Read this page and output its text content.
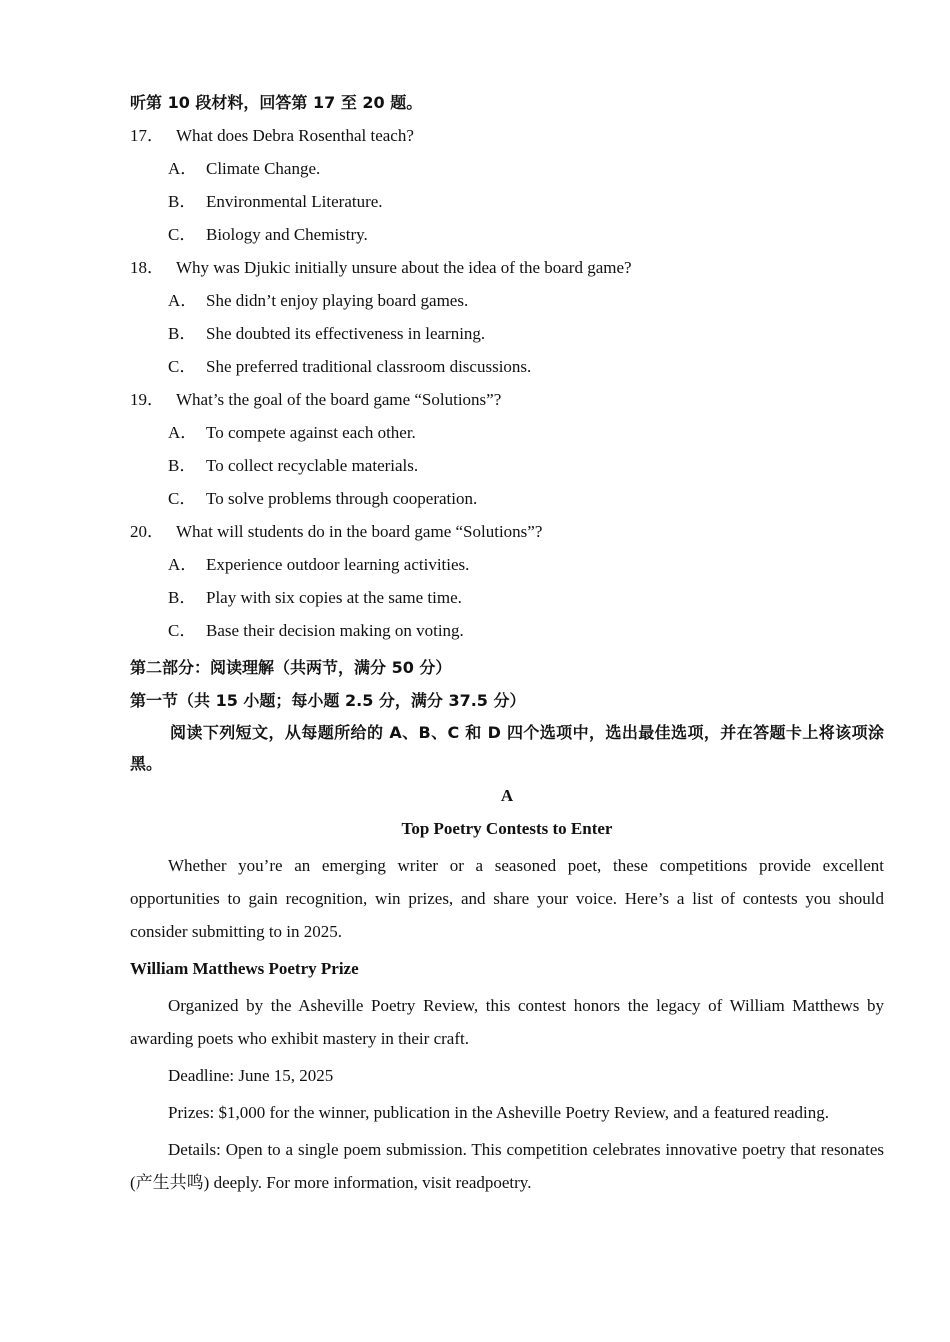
听第 10 段材料，回答第 17 至 20 题。
17． What does Debra Rosenthal teach?
A． Climate Change.
B． Environmental Literature.
C． Biology and Chemistry.
18． Why was Djukic initially unsure about the idea of the board game?
A． She didn’t enjoy playing board games.
B． She doubted its effectiveness in learning.
C． She preferred traditional classroom discussions.
19． What’s the goal of the board game “Solutions”?
A． To compete against each other.
B． To collect recyclable materials.
C． To solve problems through cooperation.
20． What will students do in the board game “Solutions”?
A． Experience outdoor learning activities.
B． Play with six copies at the same time.
C． Base their decision making on voting.
第二部分：阅读理解（共两节，满分 50 分）
第一节（共 15 小题；每小题 2.5 分，满分 37.5 分）
阅读下列短文，从每题所给的 A、B、C 和 D 四个选项中，选出最佳选项，并在答题卡上将该项涂黑。
A
Top Poetry Contests to Enter
Whether you’re an emerging writer or a seasoned poet, these competitions provide excellent opportunities to gain recognition, win prizes, and share your voice. Here’s a list of contests you should consider submitting to in 2025.
William Matthews Poetry Prize
Organized by the Asheville Poetry Review, this contest honors the legacy of William Matthews by awarding poets who exhibit mastery in their craft.
Deadline: June 15, 2025
Prizes: $1,000 for the winner, publication in the Asheville Poetry Review, and a featured reading.
Details: Open to a single poem submission. This competition celebrates innovative poetry that resonates (产生共鸣) deeply. For more information, visit readpoetry.
